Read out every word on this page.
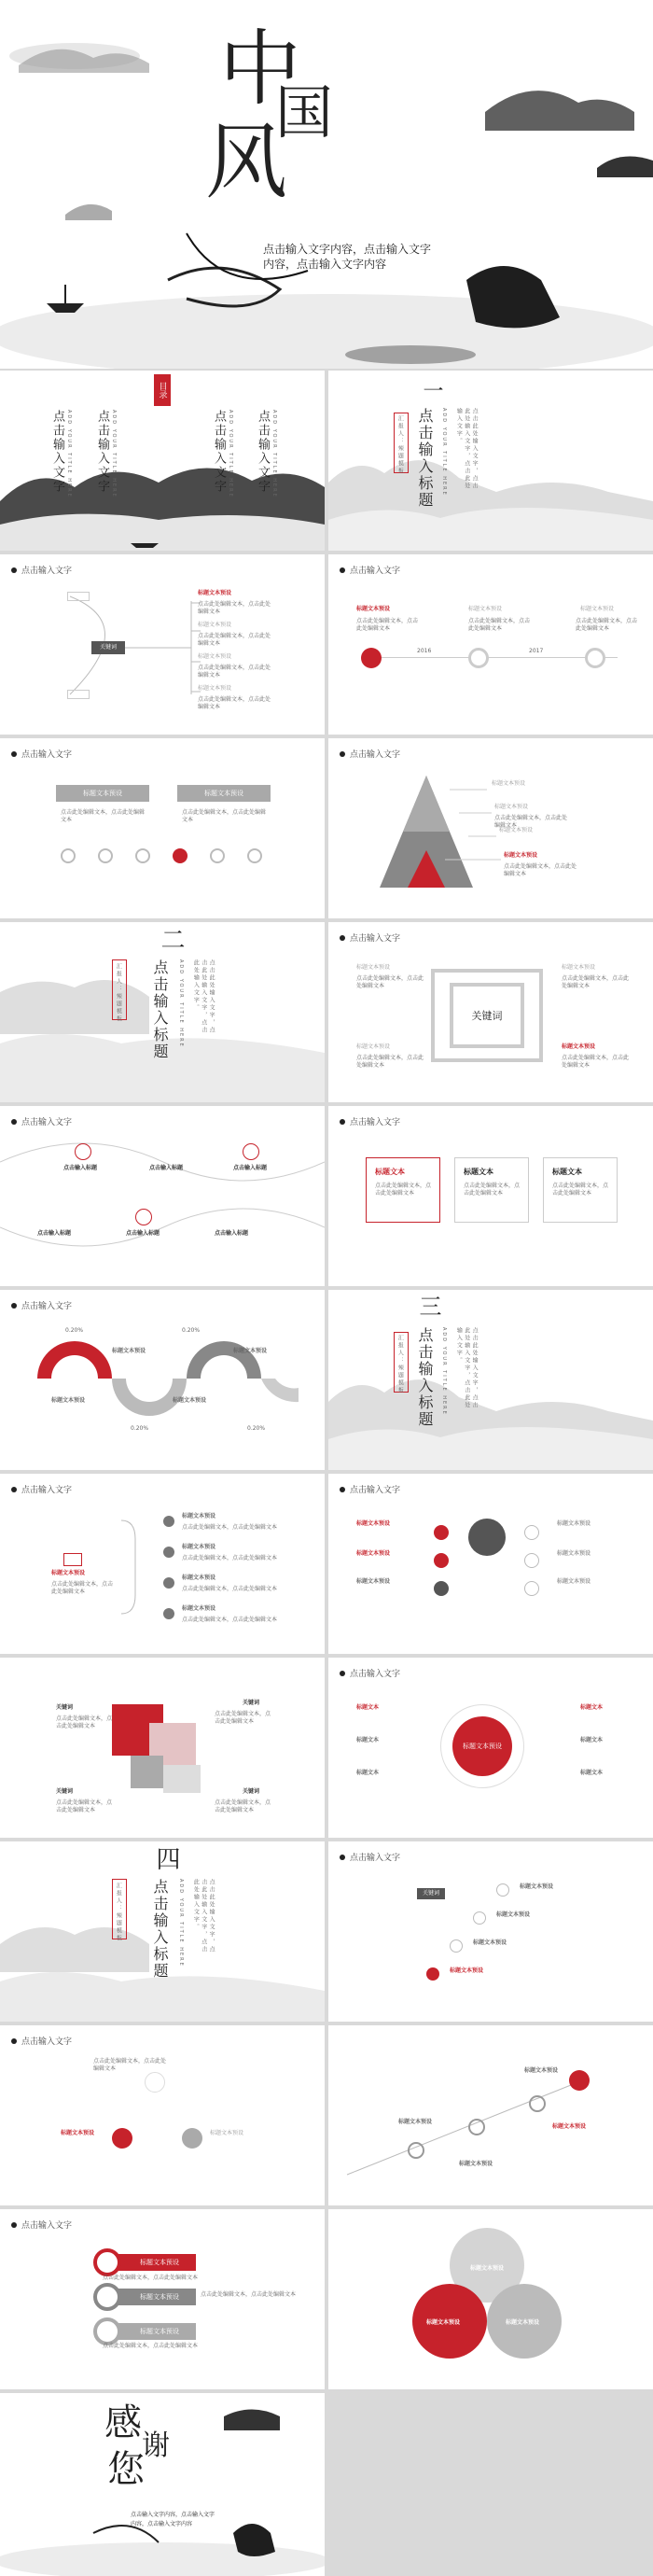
中
国
风
点击输入文字内容，点击输入文字
内容，点击输入文字内容
目录
点击输入文字	点击输入文字	点击输入文字 点击输入文字
ADD YOUR TITLE HERE	ADD YOUR TITLE HERE	ADD YOUR TITLE HERE	ADD YOUR TITLE HERE
一
点击输入标题
汇报人：辣题模板	ADD YOUR TITLE HERE	点击此处输入文字，点击此处输入文字，点击此处输入文字。
点击输入文字
关键词
标题文本预设
点击此处编辑文本，点击此处编辑文本
标题文本预设
点击此处编辑文本，点击此处编辑文本
标题文本预设
点击此处编辑文本，点击此处编辑文本
标题文本预设
点击此处编辑文本，点击此处编辑文本
点击输入文字
标题文本预设
点击此处编辑文本，点击此处编辑文本
标题文本预设
点击此处编辑文本，点击此处编辑文本
标题文本预设
点击此处编辑文本，点击此处编辑文本
2016	2017
点击输入文字
标题文本预设	标题文本预设
点击此处编辑文本，点击此处编辑文本
点击此处编辑文本，点击此处编辑文本
点击输入文字
标题文本预设
标题文本预设
点击此处编辑文本，点击此处编辑文本
标题文本预设
标题文本预设
点击此处编辑文本，点击此处编辑文本
二
点击输入标题
汇报人：辣题模板	ADD YOUR TITLE HERE	点击此处输入文字，点击此处输入文字，点击此处输入文字。
点击输入文字
关键词
标题文本预设
点击此处编辑文本，点击此处编辑文本
标题文本预设
点击此处编辑文本，点击此处编辑文本
标题文本预设
点击此处编辑文本，点击此处编辑文本
标题文本预设
点击此处编辑文本，点击此处编辑文本
点击输入文字
点击输入标题	点击输入标题	点击输入标题
点击输入标题	点击输入标题	点击输入标题
点击输入文字
标题文本	标题文本	标题文本
点击此处编辑文本，点击此处编辑文本
点击此处编辑文本，点击此处编辑文本
点击此处编辑文本，点击此处编辑文本
点击输入文字
0.20%	0.20%
0.20%	0.20%
标题文本预设	标题文本预设
标题文本预设	标题文本预设
三
点击输入标题
汇报人：辣题模板	ADD YOUR TITLE HERE	点击此处输入文字，点击此处输入文字，点击此处输入文字。
点击输入文字
标题文本预设
点击此处编辑文本，点击此处编辑文本
标题文本预设
点击此处编辑文本，点击此处编辑文本
标题文本预设
点击此处编辑文本，点击此处编辑文本
标题文本预设
点击此处编辑文本，点击此处编辑文本
标题文本预设
点击此处编辑文本，点击此处编辑文本
点击输入文字
标题文本预设
标题文本预设
标题文本预设
标题文本预设
标题文本预设
标题文本预设
关键词
点击此处编辑文本，点击此处编辑文本
关键词
点击此处编辑文本，点击此处编辑文本
关键词
点击此处编辑文本，点击此处编辑文本
关键词
点击此处编辑文本，点击此处编辑文本
点击输入文字
标题文本预设
标题文本
标题文本
标题文本
标题文本
标题文本
标题文本
四
点击输入标题
汇报人：辣题模板	ADD YOUR TITLE HERE	点击此处输入文字，点击此处输入文字，点击此处输入文字。
点击输入文字
关键词
标题文本预设
标题文本预设
标题文本预设
标题文本预设
点击输入文字
点击此处编辑文本，点击此处编辑文本
标题文本预设	标题文本预设
标题文本预设
标题文本预设
标题文本预设
标题文本预设
点击输入文字
标题文本预设
标题文本预设
标题文本预设
点击此处编辑文本，点击此处编辑文本
点击此处编辑文本，点击此处编辑文本
点击此处编辑文本，点击此处编辑文本
标题文本预设
标题文本预设	标题文本预设
感
谢
您
点击输入文字内容，点击输入文字
内容，点击输入文字内容
